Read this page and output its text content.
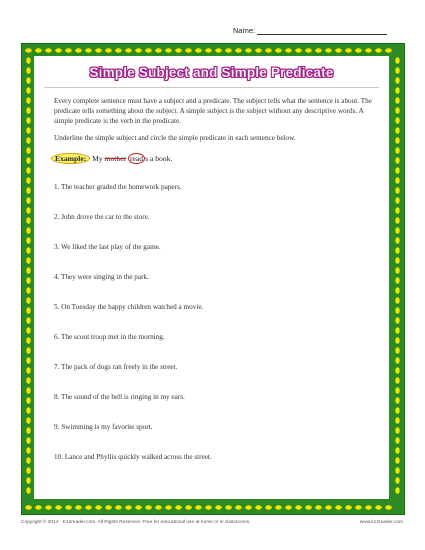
Name:
Simple Subject and Simple Predicate
Every complete sentence must have a subject and a predicate. The subject tells what the sentence is about. The predicate tells something about the subject. A simple subject is the subject without any descriptive words. A simple predicate is the verb in the predicate.
Underline the simple subject and circle the simple predicate in each sentence below.
Example: My mother read s a book.
1. The teacher graded the homework papers.
2. John drove the car to the store.
3. We liked the last play of the game.
4. They were singing in the park.
5. On Tuesday the happy children watched a movie.
6. The scout troop met in the morning.
7. The pack of dogs ran freely in the street.
8. The sound of the bell is ringing in my ears.
9. Swimming is my favorite sport.
10. Lance and Phyllis quickly walked across the street.
Copyright © 2014 · K12reader.com. All Rights Reserved. Free for educational use at home or in classrooms.	www.k12reader.com
